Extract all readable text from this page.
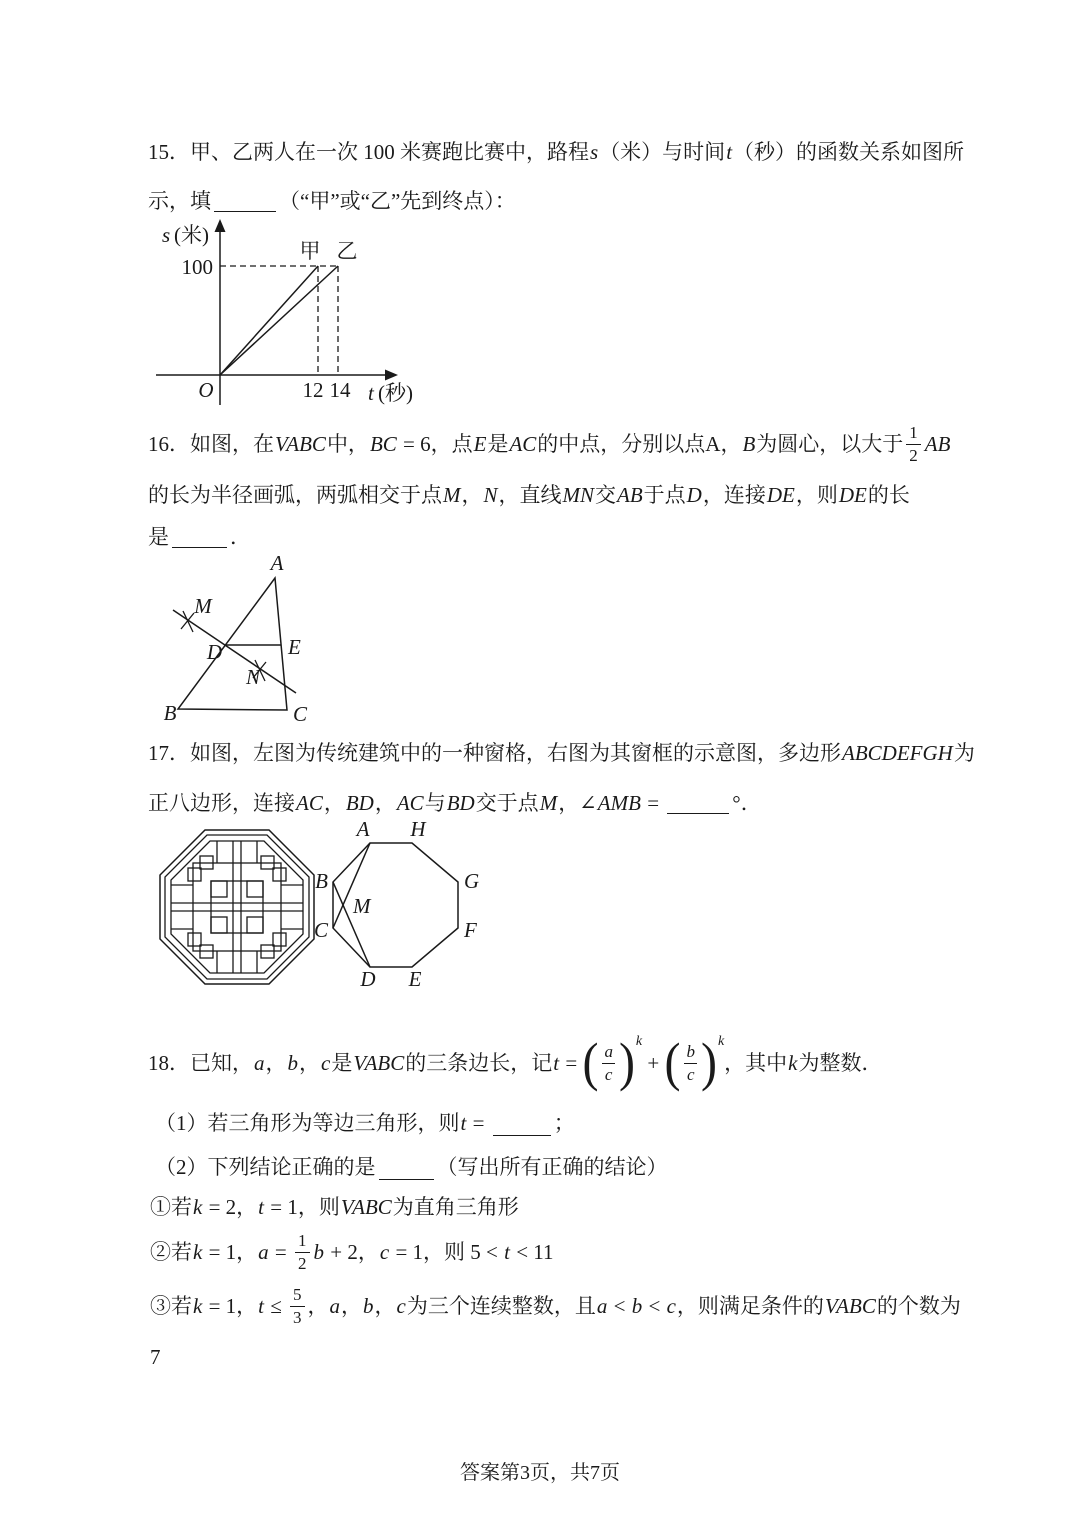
15．甲、乙两人在一次 100 米赛跑比赛中，路程 s （米）与时间 t （秒）的函数关系如图所
示，填	（“甲”或“乙”先到终点）：
s (米)
100
甲 乙
O	12 14 t (秒)
16．如图，在 VABC 中， BC = 6，点 E 是 AC 的中点，分别以点A， B 为圆心，以大于 $\frac{1}{2}$ AB
的长为半径画弧，两弧相交于点 M ， N ，直线 MN 交 AB 于点 D ，连接 DE ，则 DE 的长
是	．
A
B	C
D	E
M
N
17．如图，左图为传统建筑中的一种窗格，右图为其窗框的示意图，多边形 ABCDEFGH 为
正八边形，连接 AC ， BD ， AC 与 BD 交于点 M ，∠ AMB =	°．
A H
B	G
M
C	F
D E
18．已知， a ， b ， c 是 VABC 的三条边长，记 t = ( $\frac{a}{c}$ ) k
+ ( $\frac{b}{c}$ ) k
，其中 k 为整数．
（1）若三角形为等边三角形，则 t =	；
（2）下列结论正确的是	（写出所有正确的结论）
①若 k = 2， t = 1，则 VABC 为直角三角形
②若 k = 1， $a = \frac{1}{2}$ b + 2， c = 1，则 5 < t < 11
③若 k = 1， $t \le \frac{5}{3}$ ， a ， b ， c 为三个连续整数，且 a < b < c ，则满足条件的 VABC 的个数为
7
答案第3页，共7页
